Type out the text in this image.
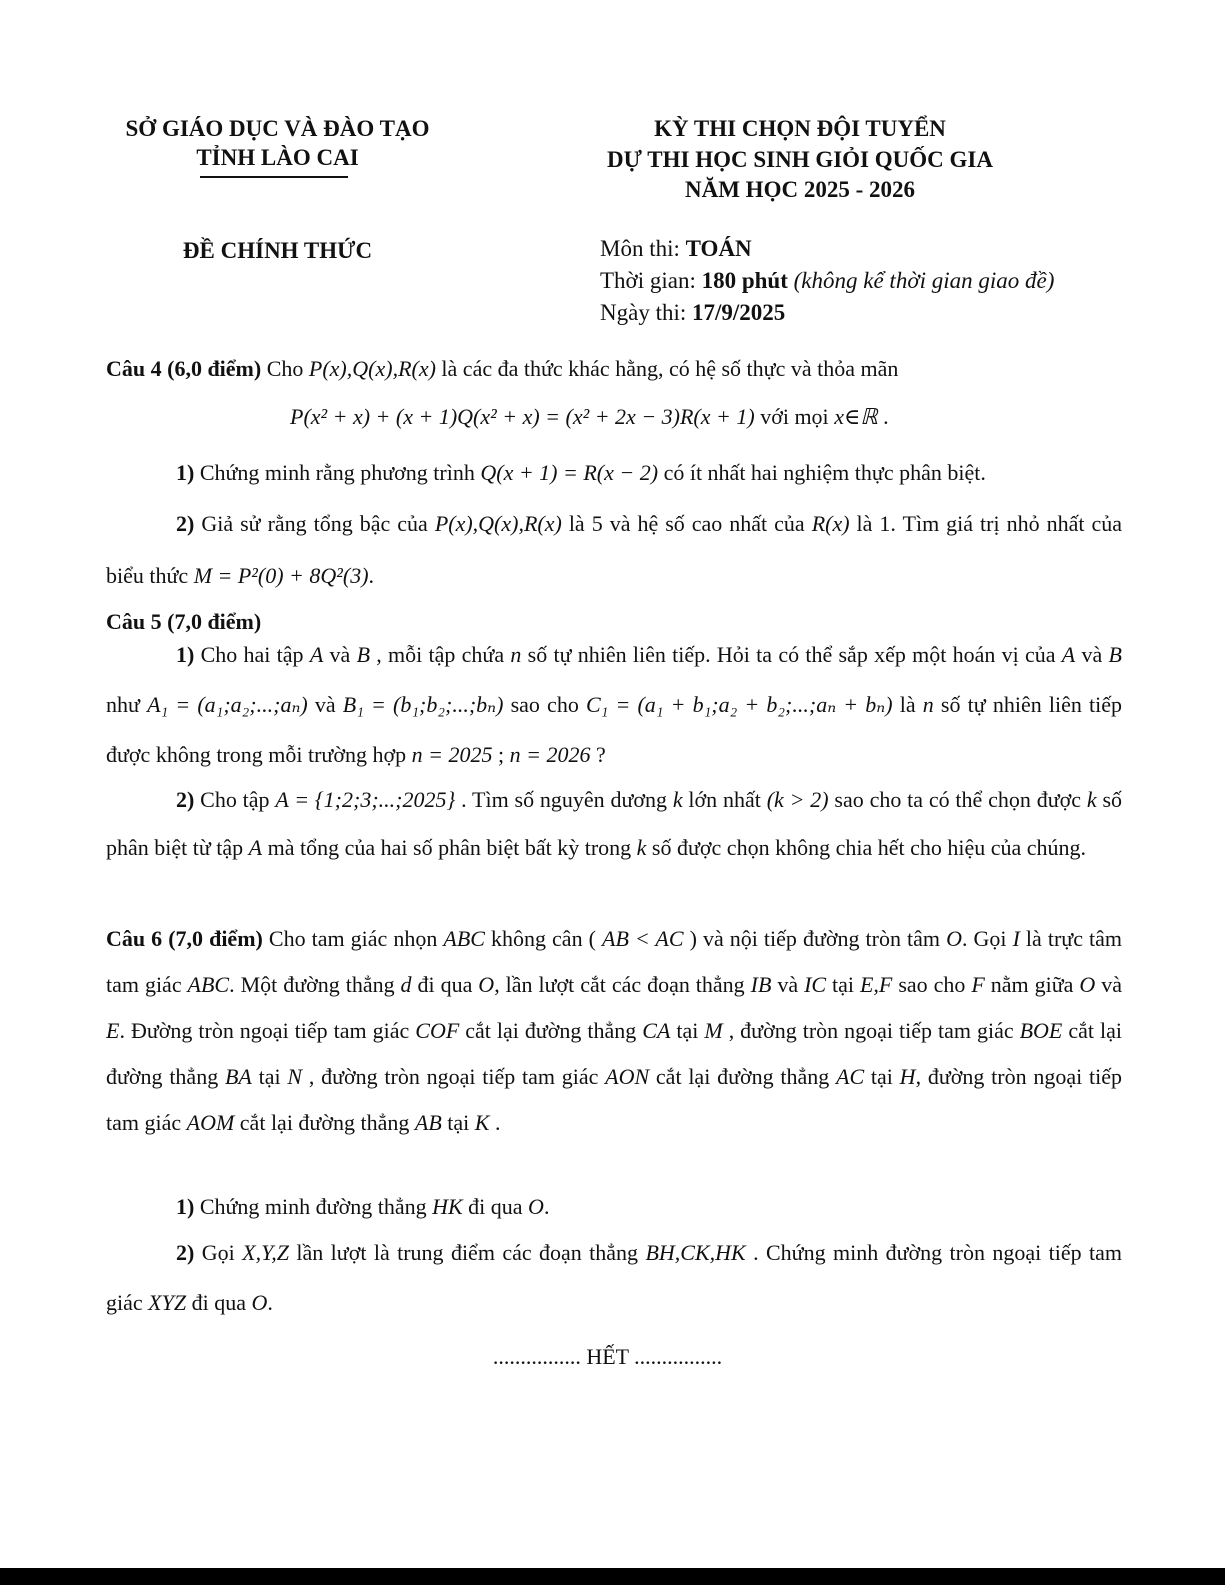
SỞ GIÁO DỤC VÀ ĐÀO TẠO
TỈNH LÀO CAI
KỲ THI CHỌN ĐỘI TUYỂN
DỰ THI HỌC SINH GIỎI QUỐC GIA
NĂM HỌC 2025 - 2026
ĐỀ CHÍNH THỨC	Môn thi: TOÁN
Thời gian: 180 phút (không kể thời gian giao đề)
Ngày thi: 17/9/2025
Câu 4 (6,0 điểm) Cho P(x),Q(x),R(x) là các đa thức khác hằng, có hệ số thực và thỏa mãn
P(x² + x) + (x + 1)Q(x² + x) = (x² + 2x − 3)R(x + 1) với mọi x∈ℝ .
1) Chứng minh rằng phương trình Q(x + 1) = R(x − 2) có ít nhất hai nghiệm thực phân biệt.
2) Giả sử rằng tổng bậc của P(x),Q(x),R(x) là 5 và hệ số cao nhất của R(x) là 1. Tìm giá trị nhỏ nhất của biểu thức M = P²(0) + 8Q²(3).
Câu 5 (7,0 điểm)
1) Cho hai tập A và B , mỗi tập chứa n số tự nhiên liên tiếp. Hỏi ta có thể sắp xếp một hoán vị của A và B như A₁ = (a₁;a₂;...;aₙ) và B₁ = (b₁;b₂;...;bₙ) sao cho C₁ = (a₁ + b₁;a₂ + b₂;...;aₙ + bₙ) là n số tự nhiên liên tiếp được không trong mỗi trường hợp n = 2025 ; n = 2026 ?
2) Cho tập A = {1;2;3;...;2025} . Tìm số nguyên dương k lớn nhất (k > 2) sao cho ta có thể chọn được k số phân biệt từ tập A mà tổng của hai số phân biệt bất kỳ trong k số được chọn không chia hết cho hiệu của chúng.
Câu 6 (7,0 điểm) Cho tam giác nhọn ABC không cân ( AB < AC ) và nội tiếp đường tròn tâm O. Gọi I là trực tâm tam giác ABC. Một đường thẳng d đi qua O, lần lượt cắt các đoạn thẳng IB và IC tại E,F sao cho F nằm giữa O và E. Đường tròn ngoại tiếp tam giác COF cắt lại đường thẳng CA tại M , đường tròn ngoại tiếp tam giác BOE cắt lại đường thẳng BA tại N , đường tròn ngoại tiếp tam giác AON cắt lại đường thẳng AC tại H, đường tròn ngoại tiếp tam giác AOM cắt lại đường thẳng AB tại K .
1) Chứng minh đường thẳng HK đi qua O.
2) Gọi X,Y,Z lần lượt là trung điểm các đoạn thẳng BH,CK,HK . Chứng minh đường tròn ngoại tiếp tam giác XYZ đi qua O.
................ HẾT ................
